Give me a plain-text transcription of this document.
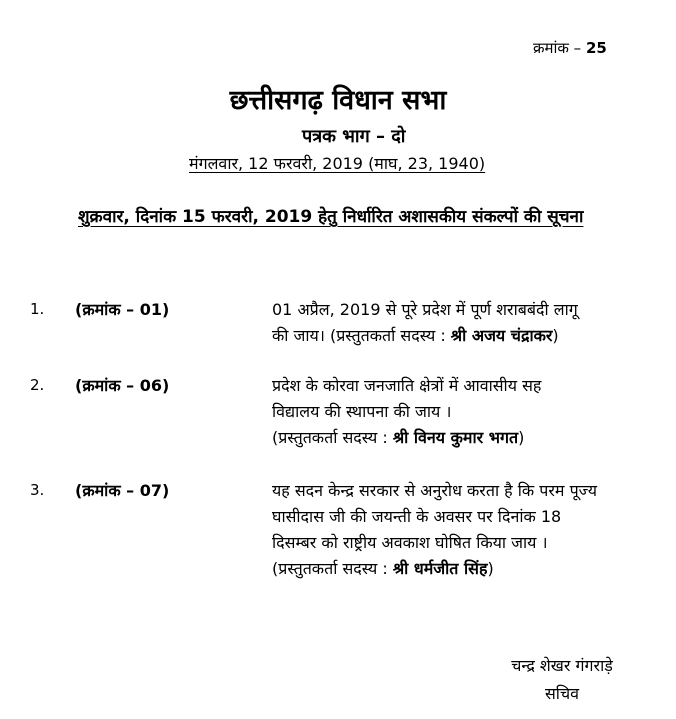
क्रमांक – 25
छत्तीसगढ़ विधान सभा
पत्रक भाग – दो
मंगलवार, 12 फरवरी, 2019 (माघ, 23, 1940)
शुक्रवार, दिनांक 15 फरवरी, 2019 हेतु निर्धारित अशासकीय संकल्पों की सूचना
1. (क्रमांक – 01)	01 अप्रैल, 2019 से पूरे प्रदेश में पूर्ण शराबबंदी लागू
की जाय। (प्रस्तुतकर्ता सदस्य : श्री अजय चंद्राकर)
2. (क्रमांक – 06)	प्रदेश के कोरवा जनजाति क्षेत्रों में आवासीय सह
विद्यालय की स्थापना की जाय ।
(प्रस्तुतकर्ता सदस्य : श्री विनय कुमार भगत)
3. (क्रमांक – 07)	यह सदन केन्द्र सरकार से अनुरोध करता है कि परम पूज्य
घासीदास जी की जयन्ती के अवसर पर दिनांक 18
दिसम्बर को राष्ट्रीय अवकाश घोषित किया जाय ।
(प्रस्तुतकर्ता सदस्य : श्री धर्मजीत सिंह)
चन्द्र शेखर गंगराड़े
सचिव
